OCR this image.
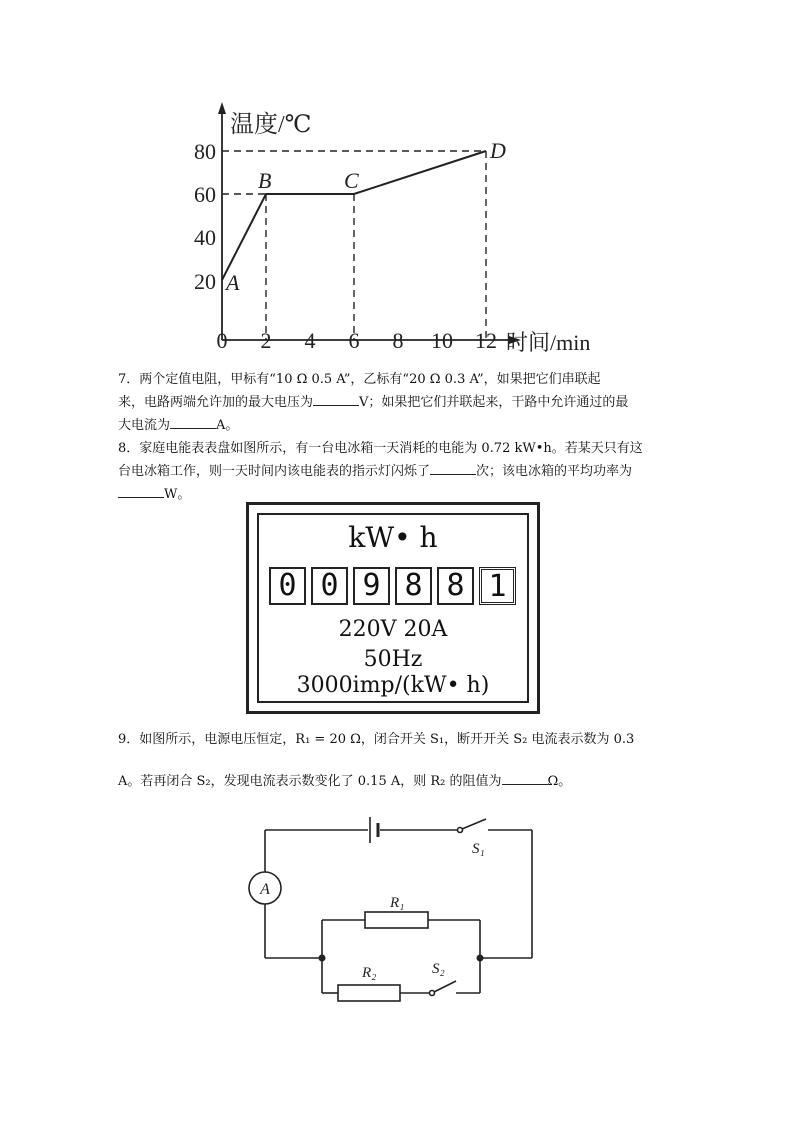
温度/℃
时间/min
80
60
40
20
0 2 4 6 8 10 12
A
B	C
D
7．两个定值电阻，甲标有“10 Ω 0.5 A”，乙标有“20 Ω 0.3 A”，如果把它们串联起
来，电路两端允许加的最大电压为	V；如果把它们并联起来，干路中允许通过的最
大电流为	A。
8．家庭电能表表盘如图所示，有一台电冰箱一天消耗的电能为 0.72 kW•h。若某天只有这
台电冰箱工作，则一天时间内该电能表的指示灯闪烁了	次；该电冰箱的平均功率为
W。
kW• h
0 0 9 8 8 1
220V 20A
50Hz
3000imp/(kW• h)
9．如图所示，电源电压恒定，R₁ = 20 Ω，闭合开关 S₁，断开开关 S₂ 电流表示数为 0.3
A。若再闭合 S₂，发现电流表示数变化了 0.15 A，则 R₂ 的阻值为	Ω。
S₁
A
R₁
R₂	S₂
